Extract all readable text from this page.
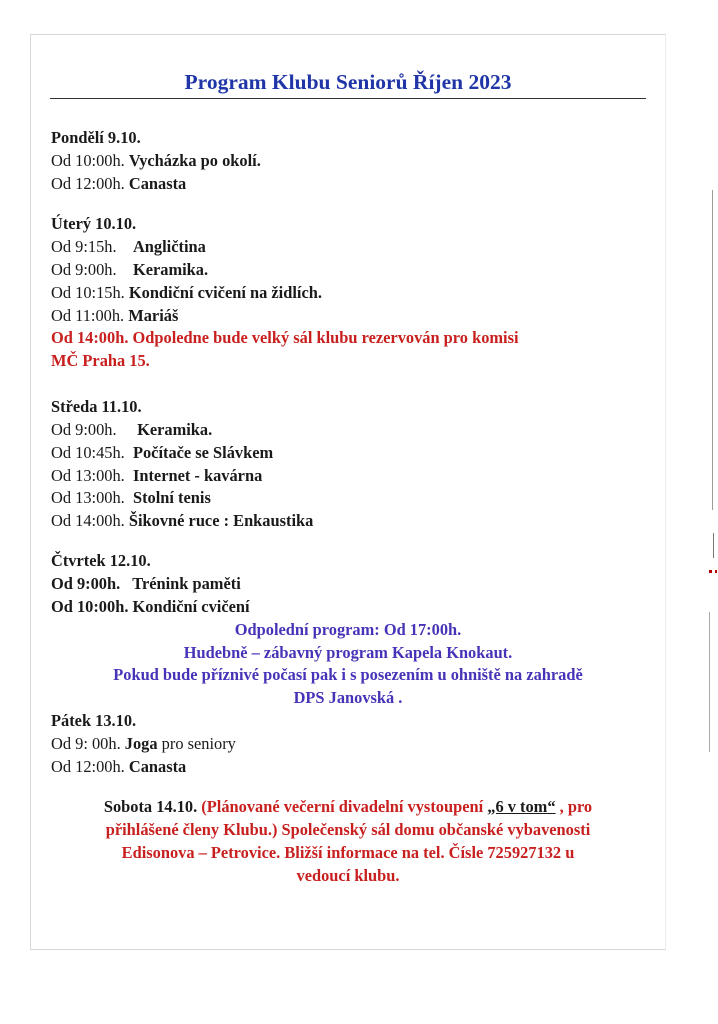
Program Klubu Seniorů Říjen 2023
Pondělí 9.10.
Od 10:00h. Vycházka po okolí.
Od 12:00h. Canasta
Úterý 10.10.
Od 9:15h. Angličtina
Od 9:00h. Keramika.
Od 10:15h. Kondiční cvičení na židlích.
Od 11:00h. Mariáš
Od 14:00h. Odpoledne bude velký sál klubu rezervován pro komisi
MČ Praha 15.
Středa 11.10.
Od 9:00h. Keramika.
Od 10:45h. Počítače se Slávkem
Od 13:00h. Internet - kavárna
Od 13:00h. Stolní tenis
Od 14:00h. Šikovné ruce : Enkaustika
Čtvrtek 12.10.
Od 9:00h. Trénink paměti
Od 10:00h. Kondiční cvičení
Odpolední program: Od 17:00h.
Hudebně – zábavný program Kapela Knokaut.
Pokud bude příznivé počasí pak i s posezením u ohniště na zahradě
DPS Janovská .
Pátek 13.10.
Od 9: 00h. Joga pro seniory
Od 12:00h. Canasta
Sobota 14.10. (Plánované večerní divadelní vystoupení „6 v tom“ , pro
přihlášené členy Klubu.) Společenský sál domu občanské vybavenosti
Edisonova – Petrovice. Bližší informace na tel. Čísle 725927132 u
vedoucí klubu.
